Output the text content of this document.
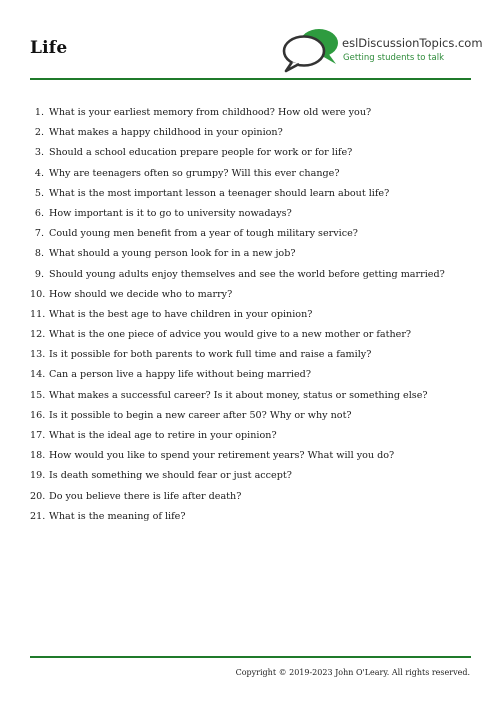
Life	eslDiscussionTopics.com
Getting students to talk
1. What is your earliest memory from childhood? How old were you?
2. What makes a happy childhood in your opinion?
3. Should a school education prepare people for work or for life?
4. Why are teenagers often so grumpy? Will this ever change?
5. What is the most important lesson a teenager should learn about life?
6. How important is it to go to university nowadays?
7. Could young men benefit from a year of tough military service?
8. What should a young person look for in a new job?
9. Should young adults enjoy themselves and see the world before getting married?
10. How should we decide who to marry?
11. What is the best age to have children in your opinion?
12. What is the one piece of advice you would give to a new mother or father?
13. Is it possible for both parents to work full time and raise a family?
14. Can a person live a happy life without being married?
15. What makes a successful career? Is it about money, status or something else?
16. Is it possible to begin a new career after 50? Why or why not?
17. What is the ideal age to retire in your opinion?
18. How would you like to spend your retirement years? What will you do?
19. Is death something we should fear or just accept?
20. Do you believe there is life after death?
21. What is the meaning of life?
Copyright © 2019-2023 John O'Leary. All rights reserved.
